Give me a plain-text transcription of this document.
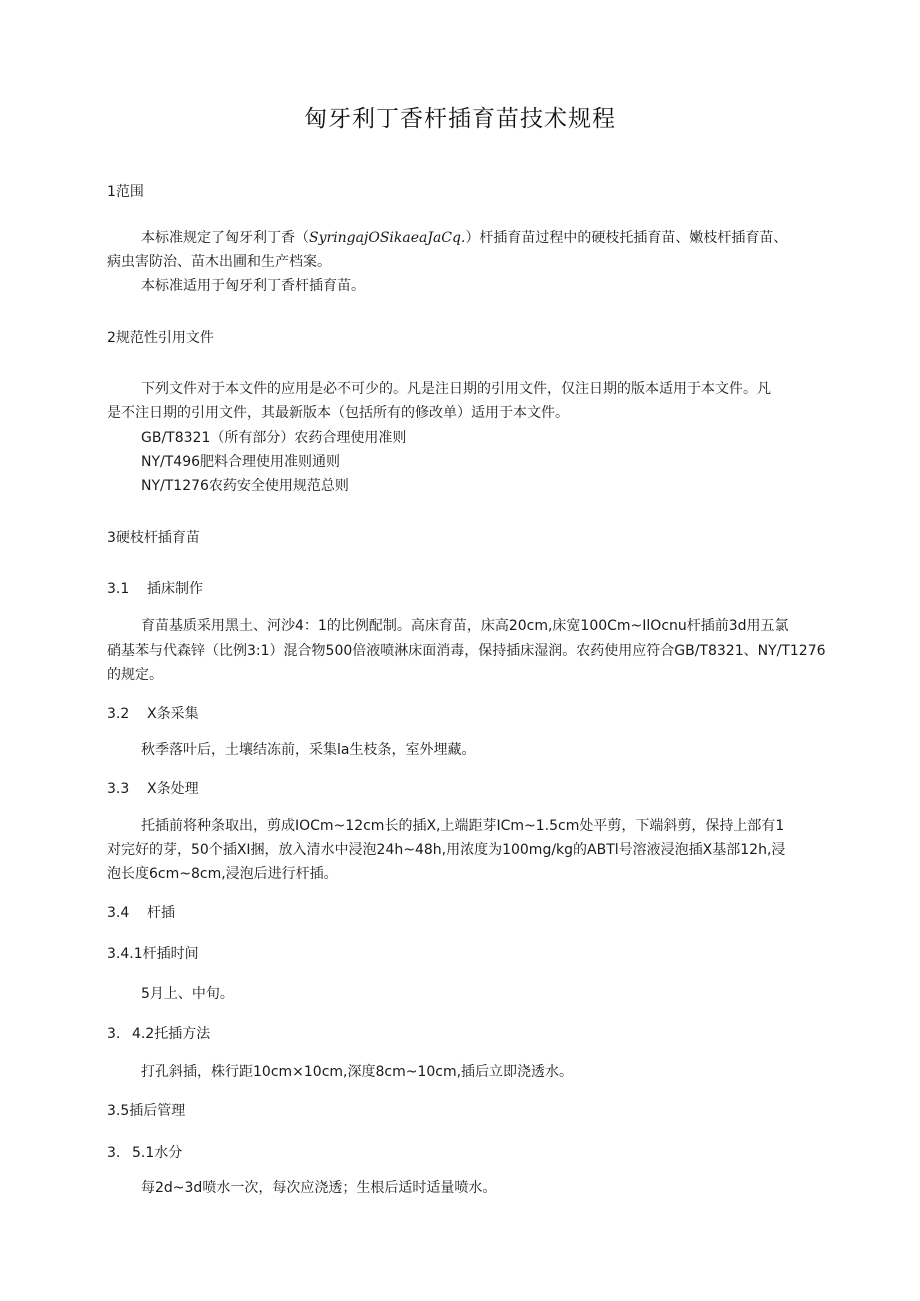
匈牙利丁香杆插育苗技术规程
1范围
本标准规定了匈牙利丁香（SyringajOSikaeaJaCq.）杆插育苗过程中的硬枝托插育苗、嫩枝杆插育苗、
病虫害防治、苗木出圃和生产档案。
本标准适用于匈牙利丁香杆插育苗。
2规范性引用文件
下列文件对于本文件的应用是必不可少的。凡是注日期的引用文件，仅注日期的版本适用于本文件。凡
是不注日期的引用文件，其最新版本（包括所有的修改单）适用于本文件。
GB/T8321（所有部分）农药合理使用准则
NY/T496肥料合理使用准则通则
NY/T1276农药安全使用规范总则
3硬枝杆插育苗
3.1 插床制作
育苗基质采用黑土、河沙4：1的比例配制。高床育苗，床高20cm,床宽100Cm~IlOcnu杆插前3d用五氯
硝基苯与代森锌（比例3:1）混合物500倍液喷淋床面消毒，保持插床湿润。农药使用应符合GB/T8321、NY/T1276
的规定。
3.2 X条采集
秋季落叶后，土壤结冻前，采集la生枝条，室外埋藏。
3.3 X条处理
托插前将种条取出，剪成IOCm~12cm长的插X,上端距芽ICm~1.5cm处平剪，下端斜剪，保持上部有1
对完好的芽，50个插XI捆，放入清水中浸泡24h~48h,用浓度为100mg/kg的ABTl号溶液浸泡插X基部12h,浸
泡长度6cm~8cm,浸泡后进行杆插。
3.4 杆插
3.4.1杆插时间
5月上、中旬。
3. 4.2托插方法
打孔斜插，株行距10cm×10cm,深度8cm~10cm,插后立即浇透水。
3.5插后管理
3. 5.1水分
每2d~3d喷水一次，每次应浇透；生根后适时适量喷水。
